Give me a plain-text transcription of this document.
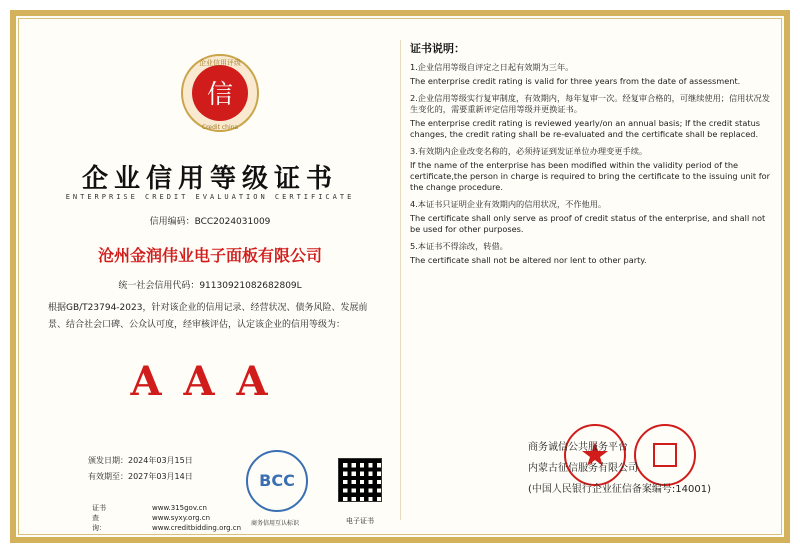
信
企业信用评级
Credit china
企业信用等级证书
ENTERPRISE CREDIT EVALUATION CERTIFICATE
信用编码：BCC2024031009
沧州金润伟业电子面板有限公司
统一社会信用代码：91130921082682809L
根据GB/T23794-2023，针对该企业的信用记录、经营状况、债务风险、发展前景、结合社会口碑、公众认可度，经审核评估，认定该企业的信用等级为：
AAA
颁发日期：2024年03月15日
有效期至：2027年03月14日
证书查询：
www.315gov.cn
www.syxy.org.cn
www.creditbidding.org.cn
BCC
商务信用互认标识	电子证书
证书说明：
1.企业信用等级自评定之日起有效期为三年。
The enterprise credit rating is valid for three years from the date of assessment.
2.企业信用等级实行复审制度，有效期内，每年复审一次。经复审合格的，可继续使用；信用状况发生变化的，需要重新评定信用等级并更换证书。
The enterprise credit rating is reviewed yearly/on an annual basis; If the credit status changes, the credit rating shall be re-evaluated and the certificate shall be replaced.
3.有效期内企业改变名称的，必须持证到发证单位办理变更手续。
If the name of the enterprise has been modified within the validity period of the certificate,the person in charge is required to bring the certificate to the issuing unit for the change procedure.
4.本证书只证明企业有效期内的信用状况，不作他用。
The certificate shall only serve as proof of credit status of the enterprise, and shall not be used for other purposes.
5.本证书不得涂改，转借。
The certificate shall not be altered nor lent to other party.
商务诚信公共服务平台
内蒙古征信服务有限公司
(中国人民银行企业征信备案编号:14001)
